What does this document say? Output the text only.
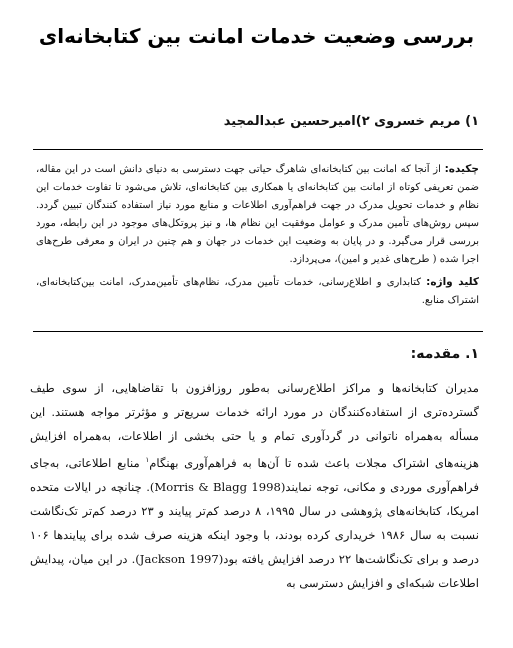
بررسی وضعیت خدمات امانت بین کتابخانه‌ای
۱) مریم خسروی ۲)امیرحسین عبدالمجید
چکیده: از آنجا که امانت بین کتابخانه‌ای شاهرگ حیاتی جهت دسترسی به دنیای دانش است در این مقاله، ضمن تعریفی کوتاه از امانت بین کتابخانه‌ای یا همکاری بین کتابخانه‌ای، تلاش می‌شود تا تفاوت خدمات این نظام و خدمات تحویل مدرک در جهت فراهم‌آوری اطلاعات و منابع مورد نیاز استفاده کنندگان تبیین گردد. سپس روش‌های تأمین مدرک و عوامل موفقیت این نظام ها، و نیز پروتکل‌های موجود در این رابطه، مورد بررسی قرار می‌گیرد. و در پایان به وضعیت این خدمات در جهان و هم چنین در ایران و معرفی طرح‌های اجرا شده ( طرح‌های غدیر و امین)، می‌پردازد.
کلید واژه: کتابداری و اطلاع‌رسانی، خدمات تأمین مدرک، نظام‌های تأمین‌مدرک، امانت بین‌کتابخانه‌ای، اشتراک منابع.
۱. مقدمه:
مدیران کتابخانه‌ها و مراکز اطلاع‌رسانی به‌طور روزافزون با تقاضاهایی، از سوی طیف گسترده‌تری از استفاده‌کنندگان در مورد ارائه خدمات سریع‌تر و مؤثرتر مواجه هستند. این مسأله به‌همراه ناتوانی در گردآوری تمام و یا حتی بخشی از اطلاعات، به‌همراه افزایش هزینه‌های اشتراک مجلات باعث شده تا آن‌ها به فراهم‌آوری بهنگام$^۱$ منابع اطلاعاتی، به‌جای فراهم‌آوری موردی و مکانی، توجه نمایند(Morris & Blagg 1998). چنانچه در ایالات متحده امریکا، کتابخانه‌های پژوهشی در سال ۱۹۹۵، ۸ درصد کم‌تر پیایند و ۲۳ درصد کم‌تر تک‌نگاشت نسبت به سال ۱۹۸۶ خریداری کرده بودند، با وجود اینکه هزینه صرف شده برای پیایندها ۱۰۶ درصد و برای تک‌نگاشت‌ها ۲۲ درصد افزایش یافته بود(Jackson 1997). در این میان، پیدایش اطلاعات شبکه‌ای و افزایش دسترسی به
